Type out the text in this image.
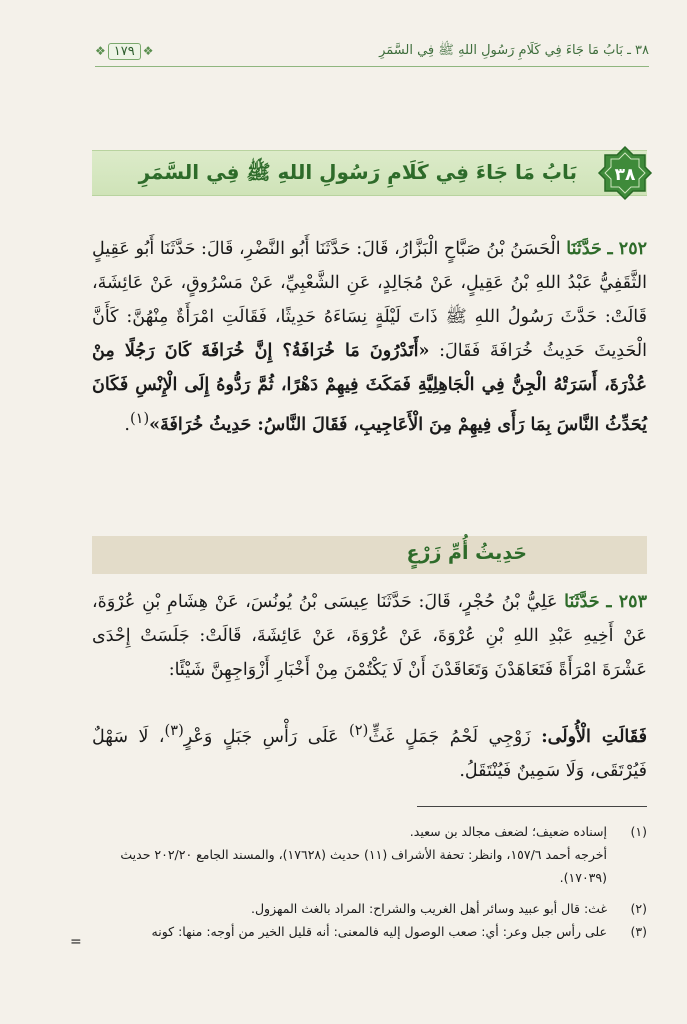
٣٨ ـ بَابُ مَا جَاءَ فِي كَلَامِ رَسُولِ اللهِ ﷺ فِي السَّمَرِ
❖
١٧٩
❖
٣٨
بَابُ مَا جَاءَ فِي كَلَامِ رَسُولِ اللهِ ﷺ فِي السَّمَرِ
٢٥٢ ـ حَدَّثَنَا الْحَسَنُ بْنُ صَبَّاحٍ الْبَزَّارُ، قَالَ: حَدَّثَنَا أَبُو النَّضْرِ، قَالَ: حَدَّثَنَا أَبُو عَقِيلٍ الثَّقَفِيُّ عَبْدُ اللهِ بْنُ عَقِيلٍ، عَنْ مُجَالِدٍ، عَنِ الشَّعْبِيِّ، عَنْ مَسْرُوقٍ، عَنْ عَائِشَةَ، قَالَتْ: حَدَّثَ رَسُولُ اللهِ ﷺ ذَاتَ لَيْلَةٍ نِسَاءَهُ حَدِيثًا، فَقَالَتِ امْرَأَةٌ مِنْهُنَّ: كَأَنَّ الْحَدِيثَ حَدِيثُ خُرَافَةَ فَقَالَ: «أَتَدْرُونَ مَا خُرَافَةُ؟ إِنَّ خُرَافَةَ كَانَ رَجُلًا مِنْ عُذْرَةَ، أَسَرَتْهُ الْجِنُّ فِي الْجَاهِلِيَّةِ فَمَكَثَ فِيهِمْ دَهْرًا، ثُمَّ رَدُّوهُ إِلَى الْإِنْسِ فَكَانَ يُحَدِّثُ النَّاسَ بِمَا رَأَى فِيهِمْ مِنَ الْأَعَاجِيبِ، فَقَالَ النَّاسُ: حَدِيثُ خُرَافَةَ»$^{(١)}$.
حَدِيثُ أُمِّ زَرْعٍ
٢٥٣ ـ حَدَّثَنَا عَلِيُّ بْنُ حُجْرٍ، قَالَ: حَدَّثَنَا عِيسَى بْنُ يُونُسَ، عَنْ هِشَامِ بْنِ عُرْوَةَ، عَنْ أَخِيهِ عَبْدِ اللهِ بْنِ عُرْوَةَ، عَنْ عُرْوَةَ، عَنْ عَائِشَةَ، قَالَتْ: جَلَسَتْ إِحْدَى عَشْرَةَ امْرَأَةً فَتَعَاهَدْنَ وَتَعَاقَدْنَ أَنْ لَا يَكْتُمْنَ مِنْ أَخْبَارِ أَزْوَاجِهِنَّ شَيْئًا:
فَقَالَتِ الْأُولَى: زَوْجِي لَحْمُ جَمَلٍ غَثٍّ$^{(٢)}$ عَلَى رَأْسِ جَبَلٍ وَعْرٍ$^{(٣)}$، لَا سَهْلٌ فَيُرْتَقَى، وَلَا سَمِينٌ فَيُنْتَقَلُ.
(١)
إسناده ضعيف؛ لضعف مجالد بن سعيد.
أخرجه أحمد ١٥٧/٦، وانظر: تحفة الأشراف (١١) حديث (١٧٦٢٨)، والمسند الجامع ٢٠٢/٢٠ حديث (١٧٠٣٩).
(٢)
غث: قال أبو عبيد وسائر أهل الغريب والشراح: المراد بالغث المهزول.
(٣)
على رأس جبل وعر: أي: صعب الوصول إليه فالمعنى: أنه قليل الخير من أوجه: منها: كونه
=
